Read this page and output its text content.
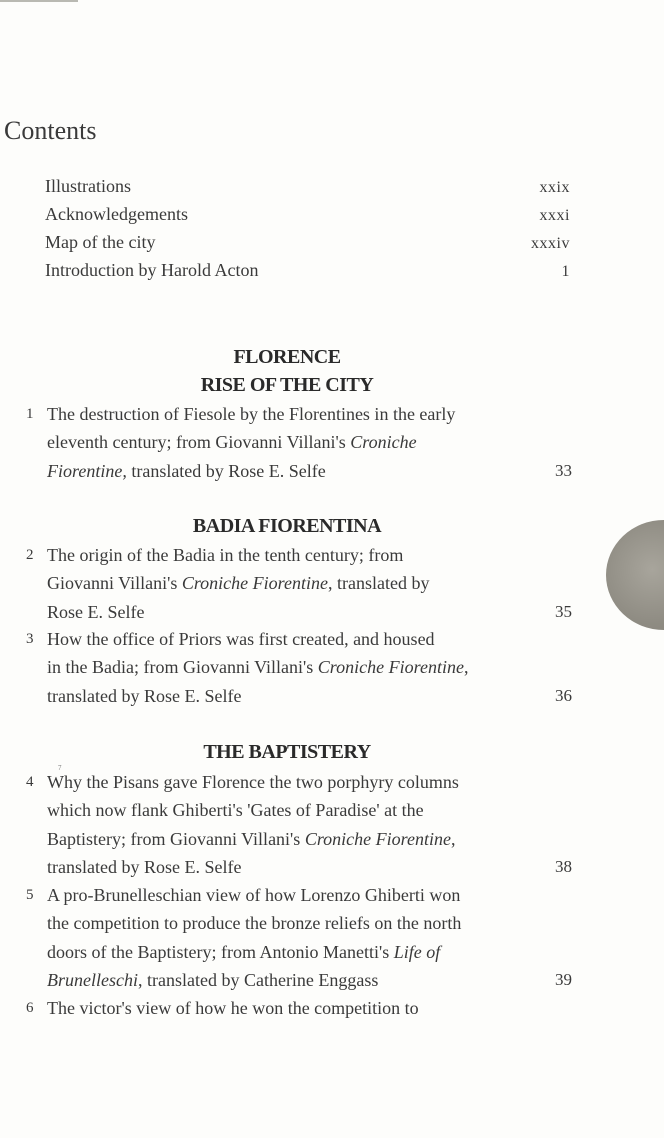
Contents
Illustrations	xxix
Acknowledgements	xxxi
Map of the city	xxxiv
Introduction by Harold Acton	1
FLORENCE
RISE OF THE CITY
1 The destruction of Fiesole by the Florentines in the early
eleventh century; from Giovanni Villani's Croniche
Fiorentine, translated by Rose E. Selfe	33
BADIA FIORENTINA
2 The origin of the Badia in the tenth century; from
Giovanni Villani's Croniche Fiorentine, translated by
Rose E. Selfe	35
3 How the office of Priors was first created, and housed
in the Badia; from Giovanni Villani's Croniche Fiorentine,
translated by Rose E. Selfe	36
7
THE BAPTISTERY
4 Why the Pisans gave Florence the two porphyry columns
which now flank Ghiberti's 'Gates of Paradise' at the
Baptistery; from Giovanni Villani's Croniche Fiorentine,
translated by Rose E. Selfe	38
5 A pro-Brunelleschian view of how Lorenzo Ghiberti won
the competition to produce the bronze reliefs on the north
doors of the Baptistery; from Antonio Manetti's Life of
Brunelleschi, translated by Catherine Enggass	39
6 The victor's view of how he won the competition to
